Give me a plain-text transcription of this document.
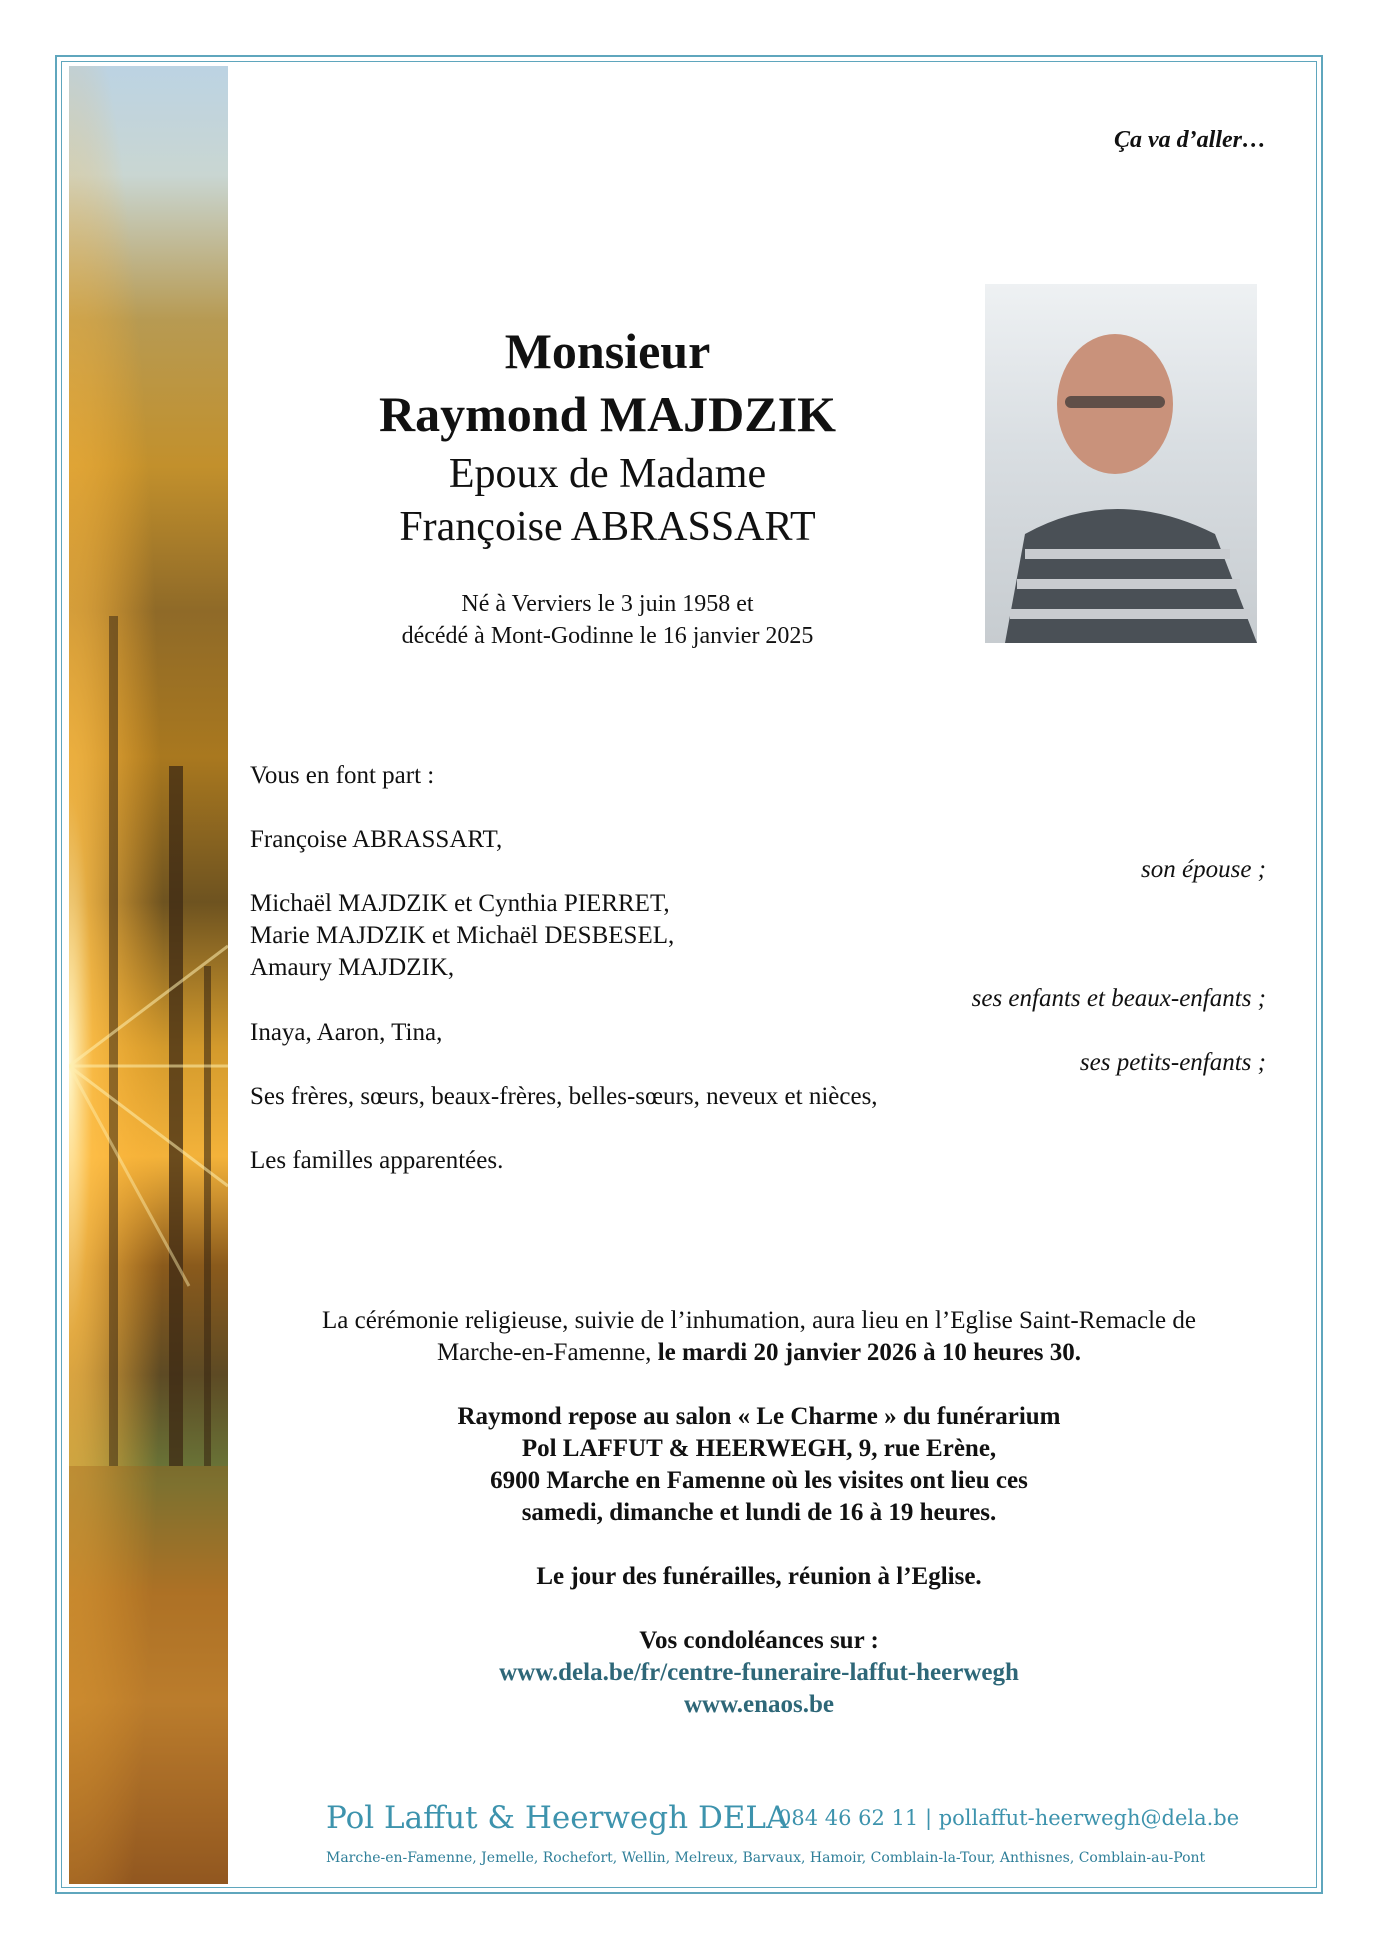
Ça va d’aller…
Monsieur
Raymond MAJDZIK
Epoux de Madame
Françoise ABRASSART
Né à Verviers le 3 juin 1958 et
décédé à Mont-Godinne le 16 janvier 2025
Vous en font part :
Françoise ABRASSART,
son épouse ;
Michaël MAJDZIK et Cynthia PIERRET,
Marie MAJDZIK et Michaël DESBESEL,
Amaury MAJDZIK,
ses enfants et beaux-enfants ;
Inaya, Aaron, Tina,
ses petits-enfants ;
Ses frères, sœurs, beaux-frères, belles-sœurs, neveux et nièces,
Les familles apparentées.
La cérémonie religieuse, suivie de l’inhumation, aura lieu en l’Eglise Saint-Remacle de
Marche-en-Famenne, le mardi 20 janvier 2026 à 10 heures 30.
Raymond repose au salon « Le Charme » du funérarium
Pol LAFFUT & HEERWEGH, 9, rue Erène,
6900 Marche en Famenne où les visites ont lieu ces
samedi, dimanche et lundi de 16 à 19 heures.
Le jour des funérailles, réunion à l’Eglise.
Vos condoléances sur :
www.dela.be/fr/centre-funeraire-laffut-heerwegh
www.enaos.be
Pol Laffut & Heerwegh DELA
084 46 62 11 | pollaffut-heerwegh@dela.be
Marche-en-Famenne, Jemelle, Rochefort, Wellin, Melreux, Barvaux, Hamoir, Comblain-la-Tour, Anthisnes, Comblain-au-Pont
